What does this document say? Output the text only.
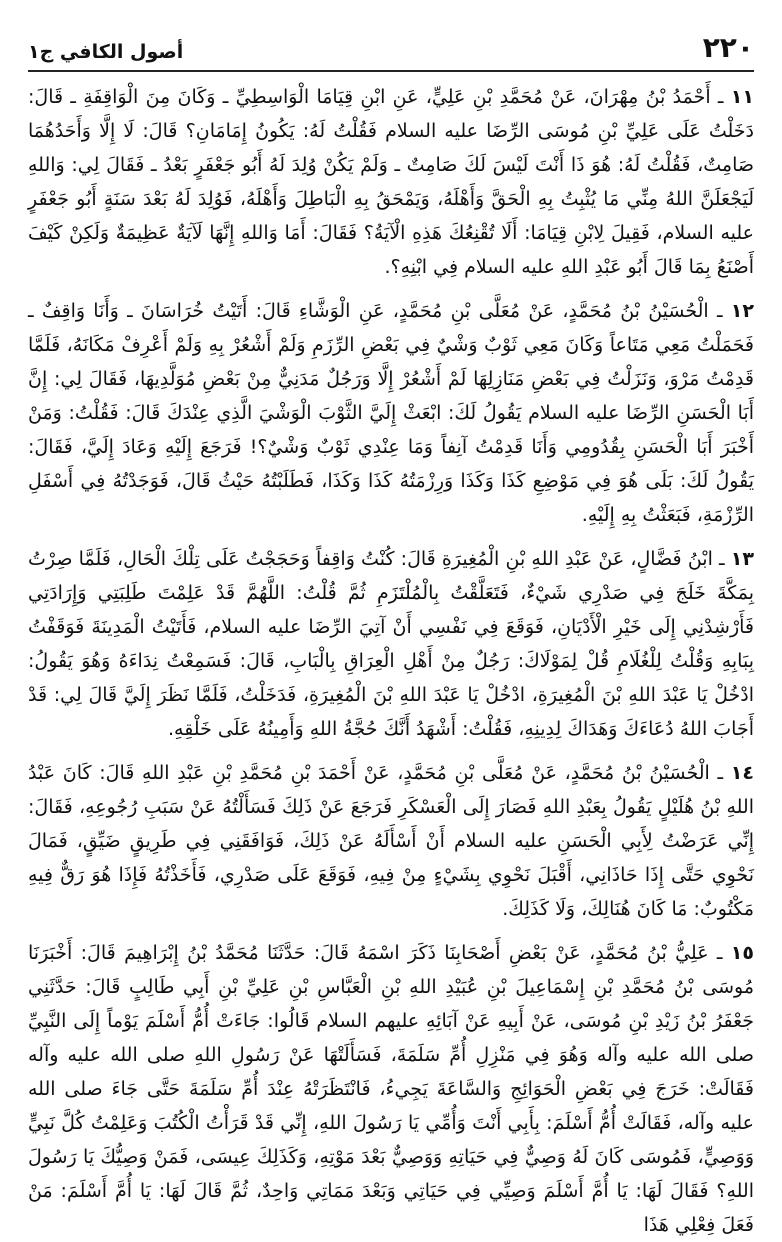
٢٢٠
أصول الكافي ج١

١١ ـ أَحْمَدُ بْنُ مِهْرَانَ، عَنْ مُحَمَّدِ بْنِ عَلِيٍّ، عَنِ ابْنِ قِيَامَا الْوَاسِطِيِّ ـ وَكَانَ مِنَ الْوَاقِفَةِ ـ قَالَ: دَخَلْتُ عَلَى عَلِيِّ بْنِ مُوسَى الرِّضَا عليه السلام فَقُلْتُ لَهُ: يَكُونُ إِمَامَانِ؟ قَالَ: لَا إِلَّا وَأَحَدُهُمَا صَامِتٌ، فَقُلْتُ لَهُ: هُوَ ذَا أَنْتَ لَيْسَ لَكَ صَامِتٌ ـ وَلَمْ يَكُنْ وُلِدَ لَهُ أَبُو جَعْفَرٍ بَعْدُ ـ فَقَالَ لِي: وَاللهِ لَيَجْعَلَنَّ اللهُ مِنِّي مَا يُثْبِتُ بِهِ الْحَقَّ وَأَهْلَهُ، وَيَمْحَقُ بِهِ الْبَاطِلَ وَأَهْلَهُ، فَوُلِدَ لَهُ بَعْدَ سَنَةٍ أَبُو جَعْفَرٍ عليه السلام، فَقِيلَ لِابْنِ قِيَامَا: أَلَا تُقْنِعُكَ هَذِهِ الْآيَةُ؟ فَقَالَ: أَمَا وَاللهِ إِنَّهَا لَآيَةٌ عَظِيمَةٌ وَلَكِنْ كَيْفَ أَصْنَعُ بِمَا قَالَ أَبُو عَبْدِ اللهِ عليه السلام فِي ابْنِهِ؟.

١٢ ـ الْحُسَيْنُ بْنُ مُحَمَّدٍ، عَنْ مُعَلَّى بْنِ مُحَمَّدٍ، عَنِ الْوَشَّاءِ قَالَ: أَتَيْتُ خُرَاسَانَ ـ وَأَنَا وَاقِفٌ ـ فَحَمَلْتُ مَعِي مَتَاعاً وَكَانَ مَعِي ثَوْبٌ وَشْيٌ فِي بَعْضِ الرِّزَمِ وَلَمْ أَشْعُرْ بِهِ وَلَمْ أَعْرِفْ مَكَانَهُ، فَلَمَّا قَدِمْتُ مَرْوَ، وَنَزَلْتُ فِي بَعْضِ مَنَازِلِهَا لَمْ أَشْعُرْ إِلَّا وَرَجُلٌ مَدَنِيٌّ مِنْ بَعْضِ مُوَلَّدِيهَا، فَقَالَ لِي: إِنَّ أَبَا الْحَسَنِ الرِّضَا عليه السلام يَقُولُ لَكَ: ابْعَثْ إِلَيَّ الثَّوْبَ الْوَشْيَ الَّذِي عِنْدَكَ قَالَ: فَقُلْتُ: وَمَنْ أَخْبَرَ أَبَا الْحَسَنِ بِقُدُومِي وَأَنَا قَدِمْتُ آنِفاً وَمَا عِنْدِي ثَوْبٌ وَشْيٌ؟! فَرَجَعَ إِلَيْهِ وَعَادَ إِلَيَّ، فَقَالَ: يَقُولُ لَكَ: بَلَى هُوَ فِي مَوْضِعِ كَذَا وَكَذَا وَرِزْمَتُهُ كَذَا وَكَذَا، فَطَلَبْتُهُ حَيْثُ قَالَ، فَوَجَدْتُهُ فِي أَسْفَلِ الرِّزْمَةِ، فَبَعَثْتُ بِهِ إِلَيْهِ.

١٣ ـ ابْنُ فَضَّالٍ، عَنْ عَبْدِ اللهِ بْنِ الْمُغِيرَةِ قَالَ: كُنْتُ وَاقِفاً وَحَجَجْتُ عَلَى تِلْكَ الْحَالِ، فَلَمَّا صِرْتُ بِمَكَّةَ خَلَجَ فِي صَدْرِي شَيْءٌ، فَتَعَلَّقْتُ بِالْمُلْتَزَمِ ثُمَّ قُلْتُ: اللَّهُمَّ قَدْ عَلِمْتَ طَلِبَتِي وَإِرَادَتِي فَأَرْشِدْنِي إِلَى خَيْرِ الْأَدْيَانِ، فَوَقَعَ فِي نَفْسِي أَنْ آتِيَ الرِّضَا عليه السلام، فَأَتَيْتُ الْمَدِينَةَ فَوَقَفْتُ بِبَابِهِ وَقُلْتُ لِلْغُلَامِ قُلْ لِمَوْلَاكَ: رَجُلٌ مِنْ أَهْلِ الْعِرَاقِ بِالْبَابِ، قَالَ: فَسَمِعْتُ نِدَاءَهُ وَهُوَ يَقُولُ: ادْخُلْ يَا عَبْدَ اللهِ بْنَ الْمُغِيرَةِ، ادْخُلْ يَا عَبْدَ اللهِ بْنَ الْمُغِيرَةِ، فَدَخَلْتُ، فَلَمَّا نَظَرَ إِلَيَّ قَالَ لِي: قَدْ أَجَابَ اللهُ دُعَاءَكَ وَهَدَاكَ لِدِينِهِ، فَقُلْتُ: أَشْهَدُ أَنَّكَ حُجَّةُ اللهِ وَأَمِينُهُ عَلَى خَلْقِهِ.

١٤ ـ الْحُسَيْنُ بْنُ مُحَمَّدٍ، عَنْ مُعَلَّى بْنِ مُحَمَّدٍ، عَنْ أَحْمَدَ بْنِ مُحَمَّدِ بْنِ عَبْدِ اللهِ قَالَ: كَانَ عَبْدُ اللهِ بْنُ هُلَيْلٍ يَقُولُ بِعَبْدِ اللهِ فَصَارَ إِلَى الْعَسْكَرِ فَرَجَعَ عَنْ ذَلِكَ فَسَأَلْتُهُ عَنْ سَبَبِ رُجُوعِهِ، فَقَالَ: إِنِّي عَرَضْتُ لِأَبِي الْحَسَنِ عليه السلام أَنْ أَسْأَلَهُ عَنْ ذَلِكَ، فَوَافَقَنِي فِي طَرِيقٍ ضَيِّقٍ، فَمَالَ نَحْوِي حَتَّى إِذَا حَاذَانِي، أَقْبَلَ نَحْوِي بِشَيْءٍ مِنْ فِيهِ، فَوَقَعَ عَلَى صَدْرِي، فَأَخَذْتُهُ فَإِذَا هُوَ رَقٌّ فِيهِ مَكْتُوبٌ: مَا كَانَ هُنَالِكَ، وَلَا كَذَلِكَ.

١٥ ـ عَلِيُّ بْنُ مُحَمَّدٍ، عَنْ بَعْضِ أَصْحَابِنَا ذَكَرَ اسْمَهُ قَالَ: حَدَّثَنَا مُحَمَّدُ بْنُ إِبْرَاهِيمَ قَالَ: أَخْبَرَنَا مُوسَى بْنُ مُحَمَّدِ بْنِ إِسْمَاعِيلَ بْنِ عُبَيْدِ اللهِ بْنِ الْعَبَّاسِ بْنِ عَلِيِّ بْنِ أَبِي طَالِبٍ قَالَ: حَدَّثَنِي جَعْفَرُ بْنُ زَيْدِ بْنِ مُوسَى، عَنْ أَبِيهِ عَنْ آبَائِهِ عليهم السلام قَالُوا: جَاءَتْ أُمُّ أَسْلَمَ يَوْماً إِلَى النَّبِيِّ صلى الله عليه وآله وَهُوَ فِي مَنْزِلِ أُمِّ سَلَمَةَ، فَسَأَلَتْهَا عَنْ رَسُولِ اللهِ صلى الله عليه وآله فَقَالَتْ: خَرَجَ فِي بَعْضِ الْحَوَائِجِ وَالسَّاعَةَ يَجِيءُ، فَانْتَظَرَتْهُ عِنْدَ أُمِّ سَلَمَةَ حَتَّى جَاءَ صلى الله عليه وآله، فَقَالَتْ أُمُّ أَسْلَمَ: بِأَبِي أَنْتَ وَأُمِّي يَا رَسُولَ اللهِ، إِنِّي قَدْ قَرَأْتُ الْكُتُبَ وَعَلِمْتُ كُلَّ نَبِيٍّ وَوَصِيٍّ، فَمُوسَى كَانَ لَهُ وَصِيٌّ فِي حَيَاتِهِ وَوَصِيٌّ بَعْدَ مَوْتِهِ، وَكَذَلِكَ عِيسَى، فَمَنْ وَصِيُّكَ يَا رَسُولَ اللهِ؟ فَقَالَ لَهَا: يَا أُمَّ أَسْلَمَ وَصِيِّي فِي حَيَاتِي وَبَعْدَ مَمَاتِي وَاحِدٌ، ثُمَّ قَالَ لَهَا: يَا أُمَّ أَسْلَمَ: مَنْ فَعَلَ فِعْلِي هَذَا
